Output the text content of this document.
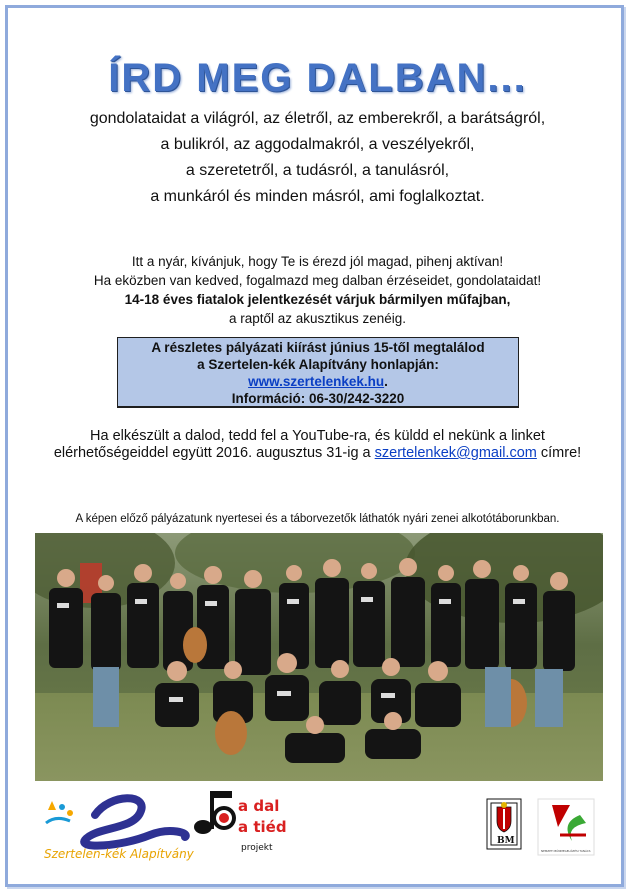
ÍRD MEG DALBAN...
gondolataidat a világról, az életről, az emberekről, a barátságról,
a bulikról, az aggodalmakról, a veszélyekről,
a szeretetről, a tudásról, a tanulásról,
a munkáról és minden másról, ami foglalkoztat.
Itt a nyár, kívánjuk, hogy Te is érezd jól magad, pihenj aktívan!
Ha eközben van kedved, fogalmazd meg dalban érzéseidet, gondolataidat!
14-18 éves fiatalok jelentkezését várjuk bármilyen műfajban,
a raptől az akusztikus zenéig.
A részletes pályázati kiírást június 15-től megtalálod
a Szertelen-kék Alapítvány honlapján:
www.szertelenkek.hu.
Információ: 06-30/242-3220
Ha elkészült a dalod, tedd fel a YouTube-ra, és küldd el nekünk a linket
elérhetőségeiddel együtt 2016. augusztus 31-ig a szertelenkek@gmail.com címre!
A képen előző pályázatunk nyertesei és a táborvezetők láthatók nyári zenei alkotótáborunkban.
Szertelen-kék Alapítvány
a dal
a tiéd
projekt
BM
NEMZETI BŰNMEGELŐZÉSI TANÁCS
